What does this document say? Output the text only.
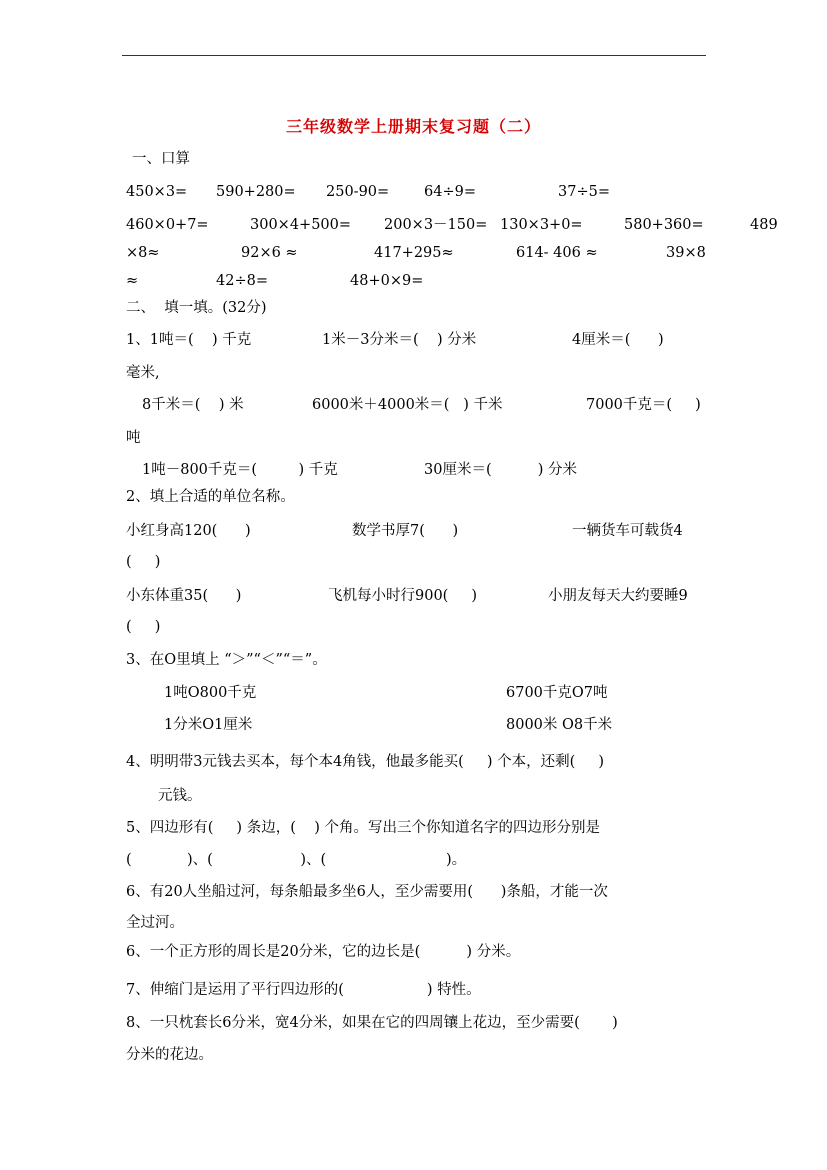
三年级数学上册期末复习题（二）
一、口算
450×3= 590+280= 250-90= 64÷9=	37÷5=
460×0+7=	300×4+500= 200×3－150= 130×3+0=	580+360=	489
×8≈	92×6 ≈	417+295≈	614- 406 ≈	39×8
≈	42÷8=	48+0×9=
二、  填一填。(32分)
1、1吨＝(    ) 千克	1米－3分米＝(    ) 分米	4厘米＝(      )
毫米,
8千米＝(    ) 米	6000米＋4000米＝(   ) 千米	7000千克＝(     )
吨
1吨－800千克＝(         ) 千克	30厘米＝(          ) 分米
2、填上合适的单位名称。
小红身高120(      )	数学书厚7(      )	一辆货车可载货4
(     )
小东体重35(      )	飞机每小时行900(     )	小朋友每天大约要睡9
(     )
3、在O里填上 “＞”“＜”“＝”。
1吨O800千克	6700千克O7吨
1分米O1厘米	8000米 O8千米
4、明明带3元钱去买本，每个本4角钱，他最多能买(     ) 个本，还剩(     )
元钱。
5、四边形有(     ) 条边，(    ) 个角。写出三个你知道名字的四边形分别是
(            )、(                   )、(                          )。
6、有20人坐船过河，每条船最多坐6人，至少需要用(      )条船，才能一次
全过河。
6、一个正方形的周长是20分米，它的边长是(          ) 分米。
7、伸缩门是运用了平行四边形的(                  ) 特性。
8、一只枕套长6分米，宽4分米，如果在它的四周镶上花边，至少需要(       )
分米的花边。
